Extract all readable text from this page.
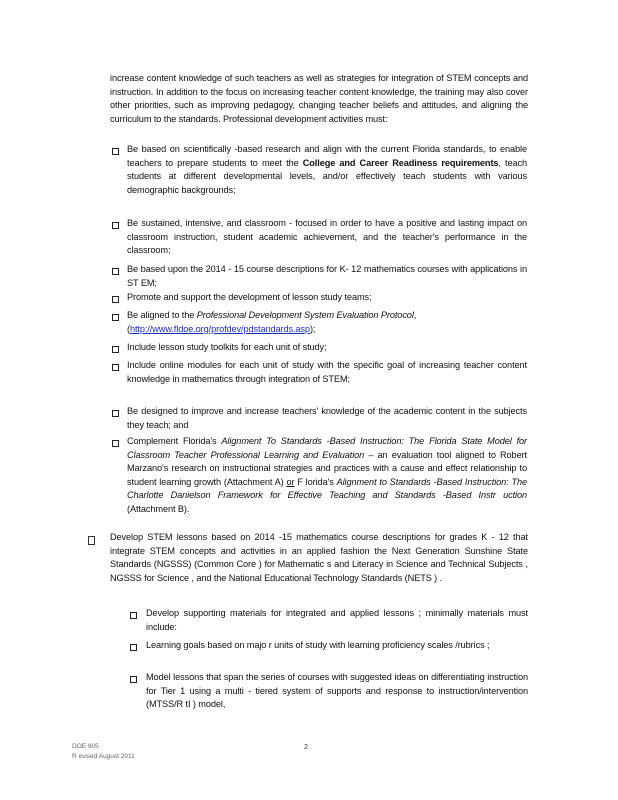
increase content knowledge of such teachers as well as strategies for integration of STEM concepts and instruction. In addition to the focus on increasing teacher content knowledge, the training may also cover other priorities, such as improving pedagogy, changing teacher beliefs and attitudes, and aligning the curriculum to the standards. Professional development activities must:
Be based on scientifically -based research and align with the current Florida standards, to enable teachers to prepare students to meet the College and Career Readiness requirements, teach students at different developmental levels, and/or effectively teach students with various demographic backgrounds;
Be sustained, intensive, and classroom - focused in order to have a positive and lasting impact on classroom instruction, student academic achievement, and the teacher's performance in the classroom;
Be based upon the 2014 - 15 course descriptions for K- 12 mathematics courses with applications in ST EM;
Promote and support the development of lesson study teams;
Be aligned to the Professional Development System Evaluation Protocol,
(http://www.fldoe.org/profdev/pdstandards.asp);
Include lesson study toolkits for each unit of study;
Include online modules for each unit of study with the specific goal of increasing teacher content knowledge in mathematics through integration of STEM;
Be designed to improve and increase teachers' knowledge of the academic content in the subjects they teach; and
Complement Florida's Alignment To Standards -Based Instruction: The Florida State Model for Classroom Teacher Professional Learning and Evaluation – an evaluation tool aligned to Robert Marzano's research on instructional strategies and practices with a cause and effect relationship to student learning growth (Attachment A) or F lorida's Alignment to Standards -Based Instruction: The Charlotte Danielson Framework for Effective Teaching and Standards -Based Instr uction (Attachment B).
Develop STEM lessons based on 2014 -15 mathematics course descriptions for grades K - 12 that integrate STEM concepts and activities in an applied fashion the Next Generation Sunshine State Standards (NGSSS) (Common Core ) for Mathematic s and Literacy in Science and Technical Subjects , NGSSS for Science , and the National Educational Technology Standards (NETS ) .
Develop supporting materials for integrated and applied lessons ; minimally materials must include:
Learning goals based on majo r units of study with learning proficiency scales /rubrics ;
Model lessons that span the series of courses with suggested ideas on differentiating instruction for Tier 1 using a multi - tiered system of supports and response to instruction/intervention (MTSS/R tI ) model,
DOE 905
R evised August 2011
2
